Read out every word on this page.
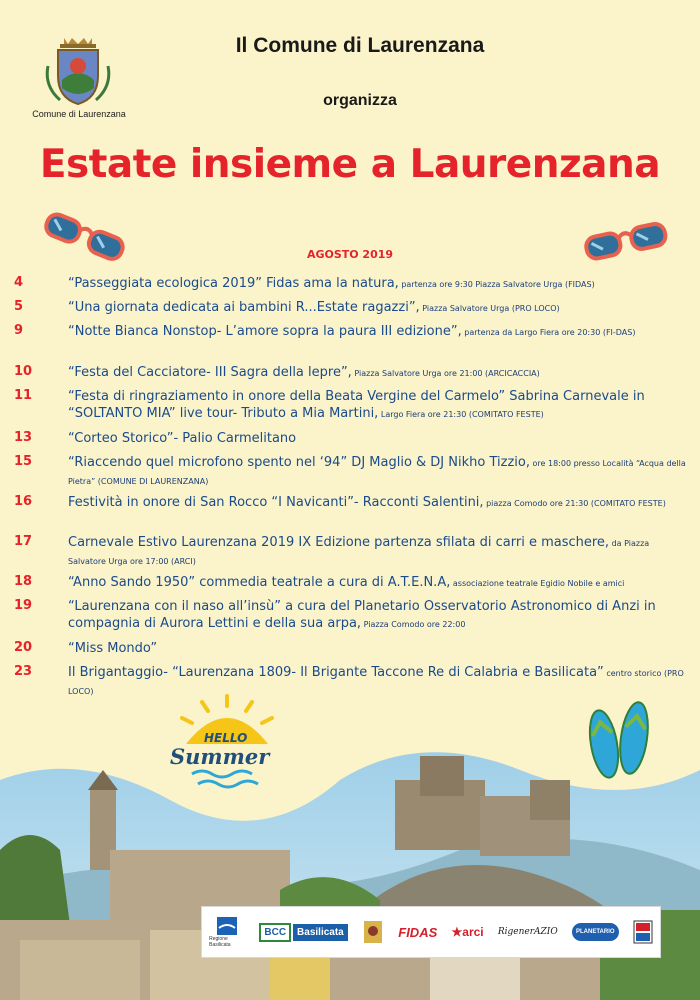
Comune di Laurenzana
Il Comune di Laurenzana
organizza
Estate insieme a Laurenzana
AGOSTO 2019
4	“Passeggiata ecologica 2019” Fidas ama la natura, partenza ore 9:30 Piazza Salvatore Urga (FIDAS)
5	“Una giornata dedicata ai bambini R...Estate ragazzi”, Piazza Salvatore Urga (PRO LOCO)
9	“Notte Bianca Nonstop- L’amore sopra la paura III edizione”, partenza da Largo Fiera ore 20:30 (FI-DAS)
10	“Festa del Cacciatore- III Sagra della lepre”, Piazza Salvatore Urga ore 21:00 (ARCICACCIA)
11	“Festa di ringraziamento in onore della Beata Vergine del Carmelo” Sabrina Carnevale in “SOLTANTO MIA” live tour- Tributo a Mia Martini, Largo Fiera ore 21:30 (COMITATO FESTE)
13	“Corteo Storico”- Palio Carmelitano
15	“Riaccendo quel microfono spento nel ‘94” DJ Maglio & DJ Nikho Tizzio, ore 18:00 presso Località “Acqua della Pietra” (COMUNE DI LAURENZANA)
16	Festività in onore di San Rocco “I Navicanti”- Racconti Salentini, piazza Comodo ore 21:30 (COMITATO FESTE)
17	Carnevale Estivo Laurenzana 2019 IX Edizione partenza sfilata di carri e maschere, da Piazza Salvatore Urga ore 17:00 (ARCI)
18	“Anno Sando 1950” commedia teatrale a cura di A.T.E.N.A, associazione teatrale Egidio Nobile e amici
19	“Laurenzana con il naso all’insù” a cura del Planetario Osservatorio Astronomico di Anzi in compagnia di Aurora Lettini e della sua arpa, Piazza Comodo ore 22:00
20	“Miss Mondo”
23	Il Brigantaggio- “Laurenzana 1809- Il Brigante Taccone Re di Calabria e Basilicata” centro storico (PRO LOCO)
HELLO
Summer
Regione Basilicata
BCC	Basilicata	FIDAS ★ arci RigenerAZIO	PLANETARIO
